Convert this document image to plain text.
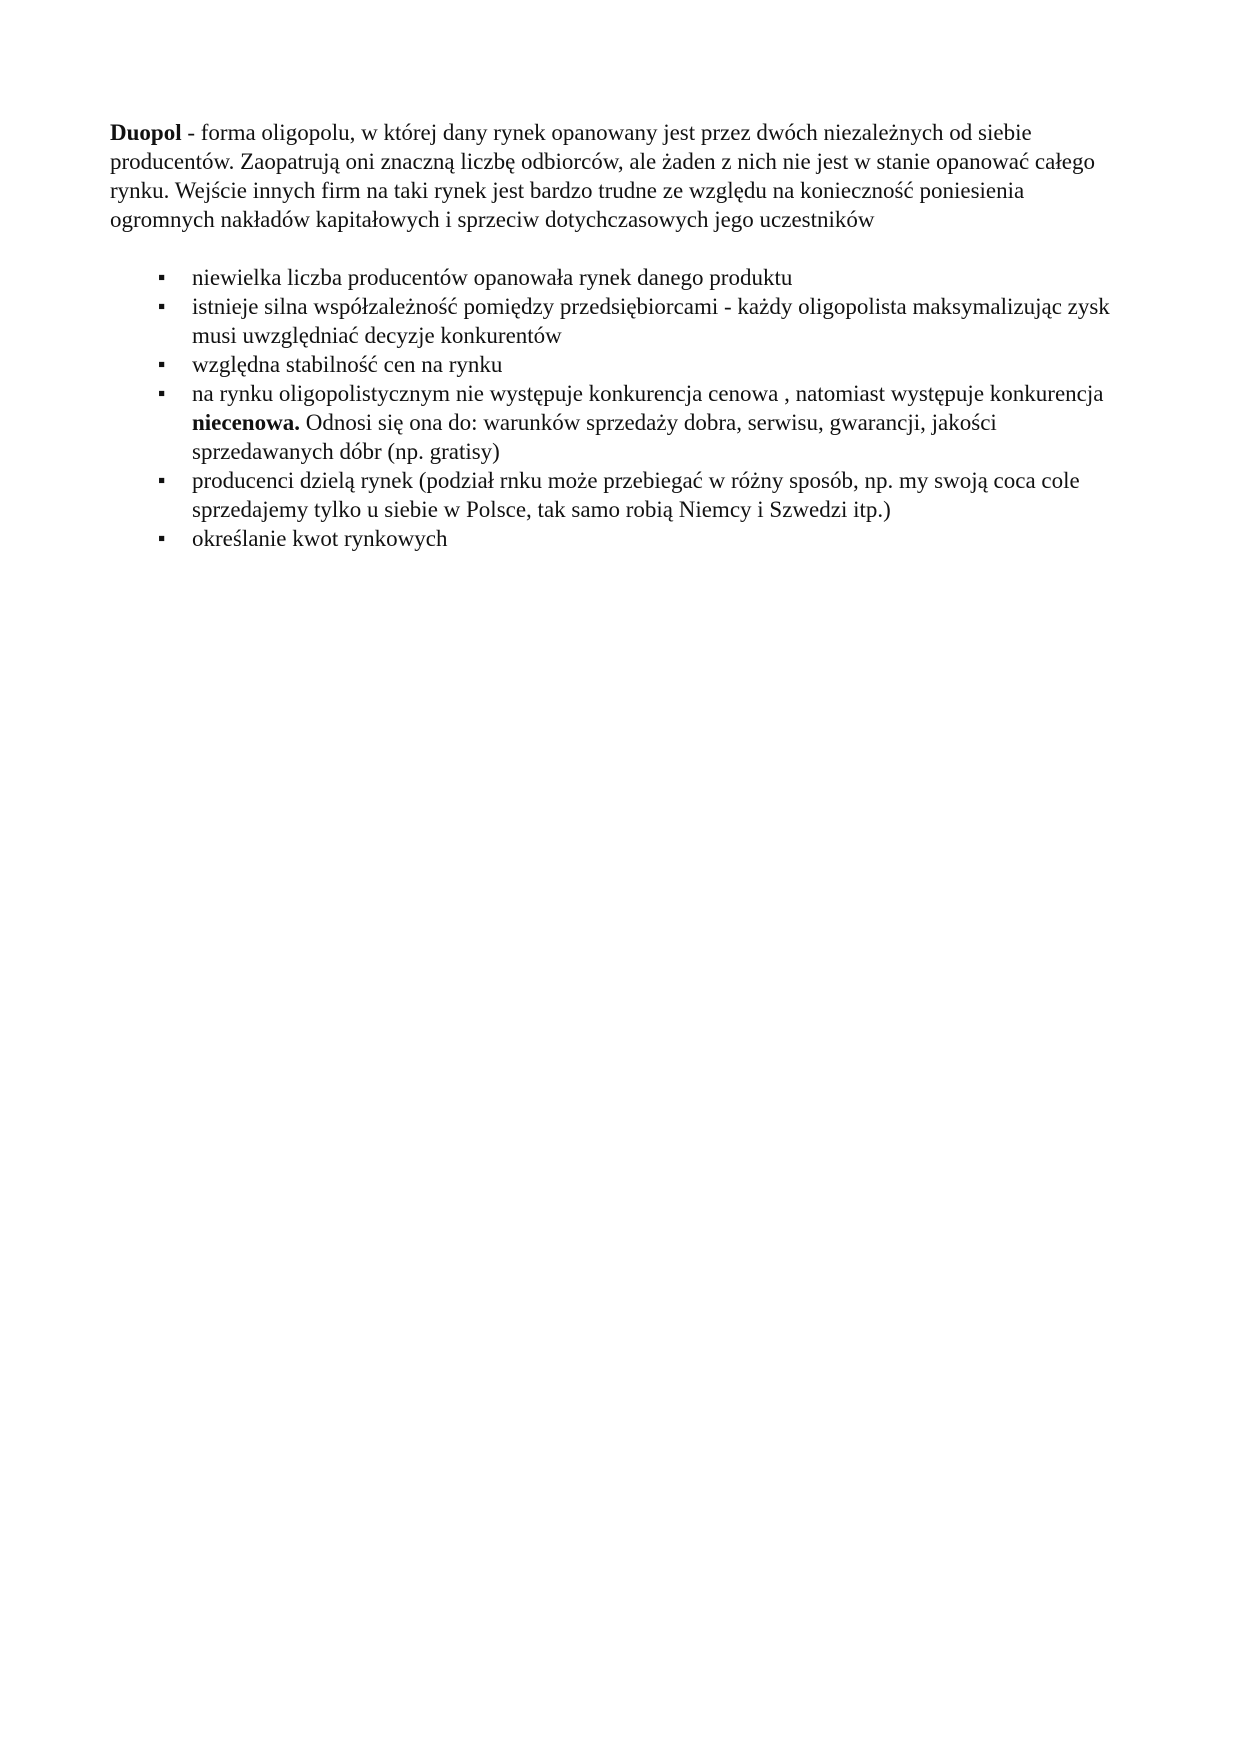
Duopol - forma oligopolu, w której dany rynek opanowany jest przez dwóch niezależnych od siebie producentów. Zaopatrują oni znaczną liczbę odbiorców, ale żaden z nich nie jest w stanie opanować całego rynku. Wejście innych firm na taki rynek jest bardzo trudne ze względu na konieczność poniesienia ogromnych nakładów kapitałowych i sprzeciw dotychczasowych jego uczestników

▪	niewielka liczba producentów opanowała rynek danego produktu
▪	istnieje silna współzależność pomiędzy przedsiębiorcami - każdy oligopolista maksymalizując zysk musi uwzględniać decyzje konkurentów
▪	względna stabilność cen na rynku
▪	na rynku oligopolistycznym nie występuje konkurencja cenowa , natomiast występuje konkurencja niecenowa. Odnosi się ona do: warunków sprzedaży dobra, serwisu, gwarancji, jakości sprzedawanych dóbr (np. gratisy)
▪	producenci dzielą rynek (podział rnku może przebiegać w różny sposób, np. my swoją coca cole sprzedajemy tylko u siebie w Polsce, tak samo robią Niemcy i Szwedzi itp.)
▪	określanie kwot rynkowych
